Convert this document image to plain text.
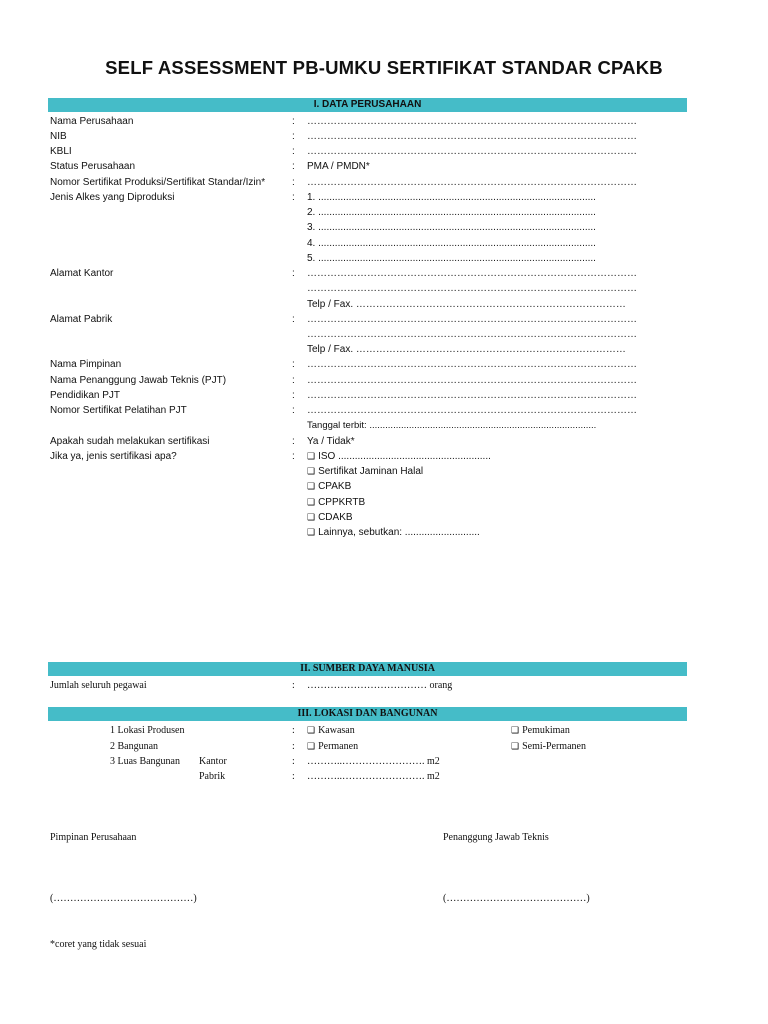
SELF ASSESSMENT PB-UMKU SERTIFIKAT STANDAR CPAKB
I. DATA PERUSAHAAN
Nama Perusahaan	: ………………………………………………………………………………………
NIB	: ………………………………………………………………………………………
KBLI	: ………………………………………………………………………………………
Status Perusahaan	: PMA / PMDN*
Nomor Sertifikat Produksi/Sertifikat Standar/Izin*	: ………………………………………………………………………………………
Jenis Alkes yang Diproduksi	: 1. ....................................................................................................
2. ....................................................................................................
3. ....................................................................................................
4. ....................................................................................................
5. ....................................................................................................
Alamat Kantor	: ………………………………………………………………………………………
………………………………………………………………………………………
Telp / Fax. ………………………………………………………………………
Alamat Pabrik	: ………………………………………………………………………………………
………………………………………………………………………………………
Telp / Fax. ………………………………………………………………………
Nama Pimpinan	: ………………………………………………………………………………………
Nama Penanggung Jawab Teknis (PJT)	: ………………………………………………………………………………………
Pendidikan PJT	: ………………………………………………………………………………………
Nomor Sertifikat Pelatihan PJT	: ………………………………………………………………………………………
Tanggal terbit: ......................................................................................
Apakah sudah melakukan sertifikasi	: Ya / Tidak*
Jika ya, jenis sertifikasi apa?	:	❑ ISO .......................................................
❑ Sertifikat Jaminan Halal
❑ CPAKB
❑ CPPKRTB
❑ CDAKB
❑ Lainnya, sebutkan: ...........................
II. SUMBER DAYA MANUSIA
Jumlah seluruh pegawai	: ……………………………… orang
III. LOKASI DAN BANGUNAN
1 Lokasi Produsen	:	❑ Kawasan	❑ Pemukiman
2 Bangunan	:	❑ Permanen	❑ Semi-Permanen
3 Luas Bangunan Kantor	: ………..……………………. m2
Pabrik	: ………..……………………. m2
Pimpinan Perusahaan	Penanggung Jawab Teknis
(……………………………………)	(……………………………………)
*coret yang tidak sesuai
